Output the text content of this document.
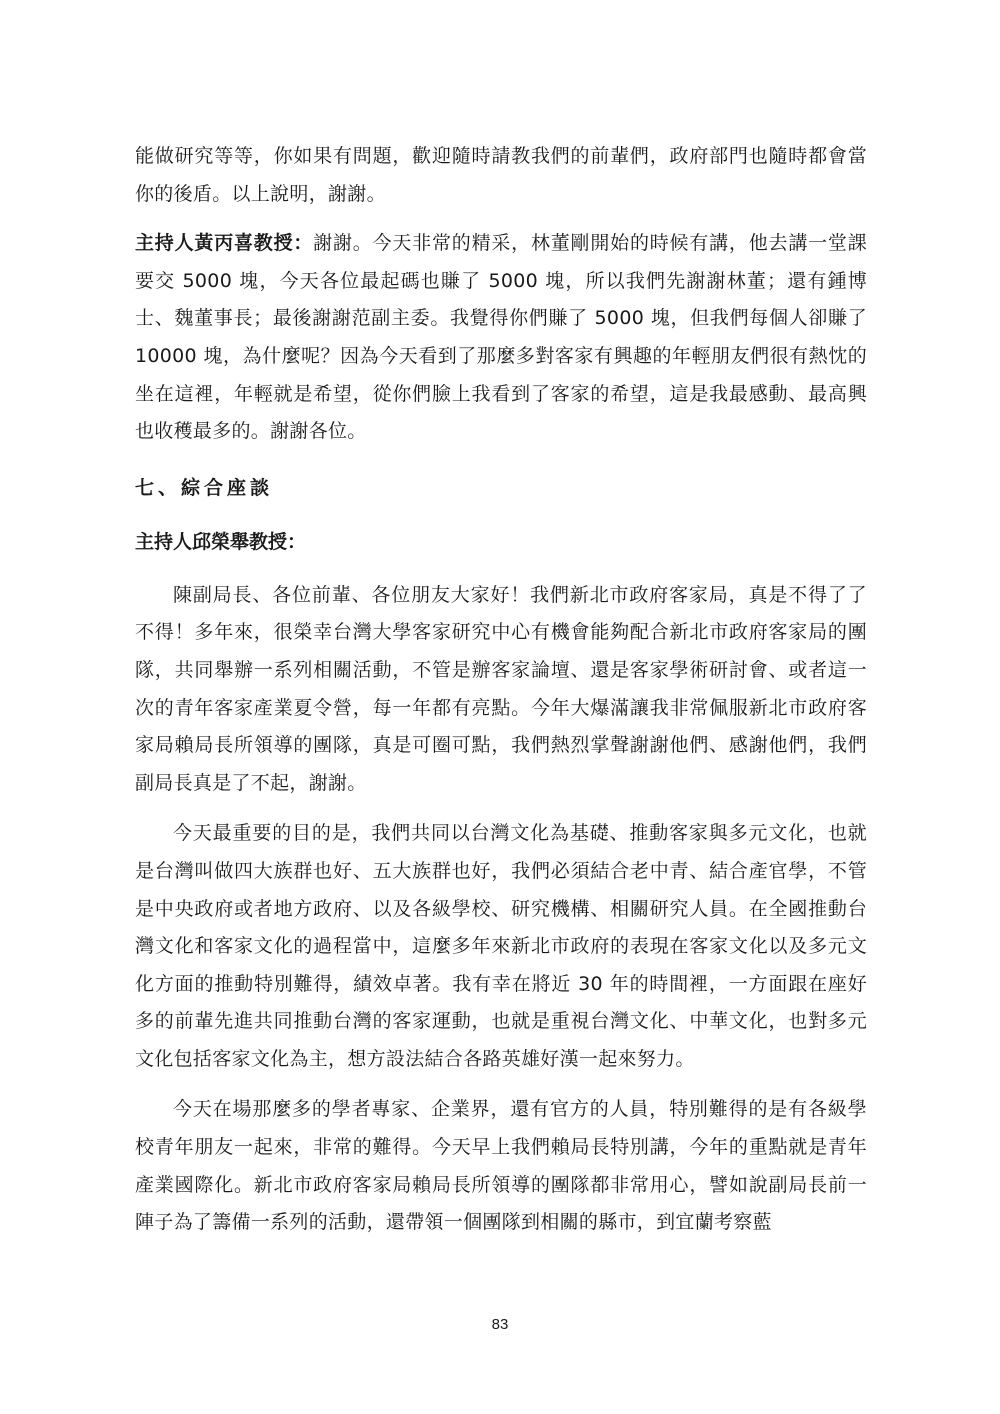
能做研究等等，你如果有問題，歡迎隨時請教我們的前輩們，政府部門也隨時都會當你的後盾。以上說明，謝謝。

主持人黃丙喜教授：謝謝。今天非常的精采，林董剛開始的時候有講，他去講一堂課要交 5000 塊，今天各位最起碼也賺了 5000 塊，所以我們先謝謝林董；還有鍾博士、魏董事長；最後謝謝范副主委。我覺得你們賺了 5000 塊，但我們每個人卻賺了 10000 塊，為什麼呢？因為今天看到了那麼多對客家有興趣的年輕朋友們很有熱忱的坐在這裡，年輕就是希望，從你們臉上我看到了客家的希望，這是我最感動、最高興也收穫最多的。謝謝各位。

七、綜合座談
主持人邱榮舉教授：

陳副局長、各位前輩、各位朋友大家好！我們新北市政府客家局，真是不得了了不得！多年來，很榮幸台灣大學客家研究中心有機會能夠配合新北市政府客家局的團隊，共同舉辦一系列相關活動，不管是辦客家論壇、還是客家學術研討會、或者這一次的青年客家產業夏令營，每一年都有亮點。今年大爆滿讓我非常佩服新北市政府客家局賴局長所領導的團隊，真是可圈可點，我們熱烈掌聲謝謝他們、感謝他們，我們副局長真是了不起，謝謝。

今天最重要的目的是，我們共同以台灣文化為基礎、推動客家與多元文化，也就是台灣叫做四大族群也好、五大族群也好，我們必須結合老中青、結合產官學，不管是中央政府或者地方政府、以及各級學校、研究機構、相關研究人員。在全國推動台灣文化和客家文化的過程當中，這麼多年來新北市政府的表現在客家文化以及多元文化方面的推動特別難得，績效卓著。我有幸在將近 30 年的時間裡，一方面跟在座好多的前輩先進共同推動台灣的客家運動，也就是重視台灣文化、中華文化，也對多元文化包括客家文化為主，想方設法結合各路英雄好漢一起來努力。

今天在場那麼多的學者專家、企業界，還有官方的人員，特別難得的是有各級學校青年朋友一起來，非常的難得。今天早上我們賴局長特別講，今年的重點就是青年產業國際化。新北市政府客家局賴局長所領導的團隊都非常用心，譬如說副局長前一陣子為了籌備一系列的活動，還帶領一個團隊到相關的縣市，到宜蘭考察藍

83
